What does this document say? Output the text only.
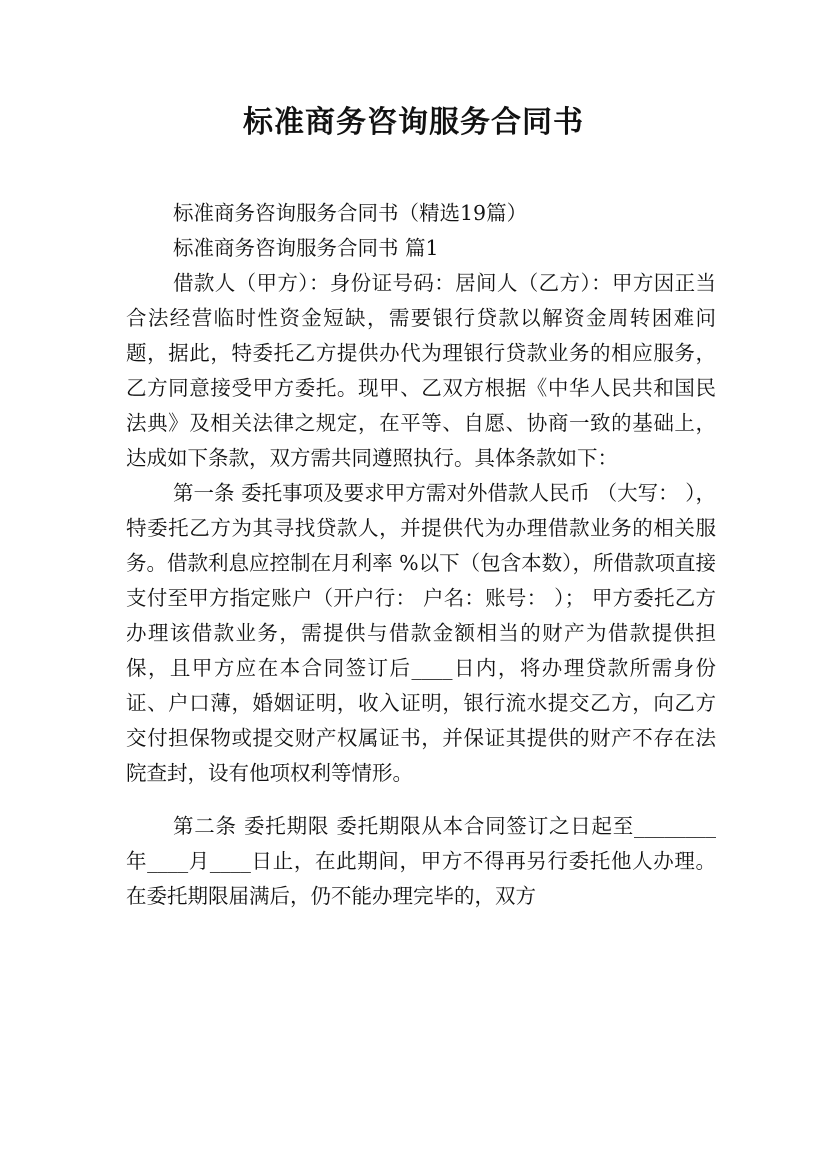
标准商务咨询服务合同书

标准商务咨询服务合同书（精选19篇）

标准商务咨询服务合同书 篇1

借款人（甲方）：身份证号码：居间人（乙方）：甲方因正当合法经营临时性资金短缺，需要银行贷款以解资金周转困难问题，据此，特委托乙方提供办代为理银行贷款业务的相应服务，乙方同意接受甲方委托。现甲、乙双方根据《中华人民共和国民法典》及相关法律之规定，在平等、自愿、协商一致的基础上，达成如下条款，双方需共同遵照执行。具体条款如下：

第一条 委托事项及要求甲方需对外借款人民币 （大写： ），特委托乙方为其寻找贷款人，并提供代为办理借款业务的相关服务。借款利息应控制在月利率 %以下（包含本数），所借款项直接支付至甲方指定账户（开户行： 户名：账号： ）； 甲方委托乙方办理该借款业务，需提供与借款金额相当的财产为借款提供担保，且甲方应在本合同签订后____日内，将办理贷款所需身份证、户口薄，婚姻证明，收入证明，银行流水提交乙方，向乙方交付担保物或提交财产权属证书，并保证其提供的财产不存在法院查封，设有他项权利等情形。

第二条 委托期限 委托期限从本合同签订之日起至________年____月____日止，在此期间，甲方不得再另行委托他人办理。在委托期限届满后，仍不能办理完毕的，双方
